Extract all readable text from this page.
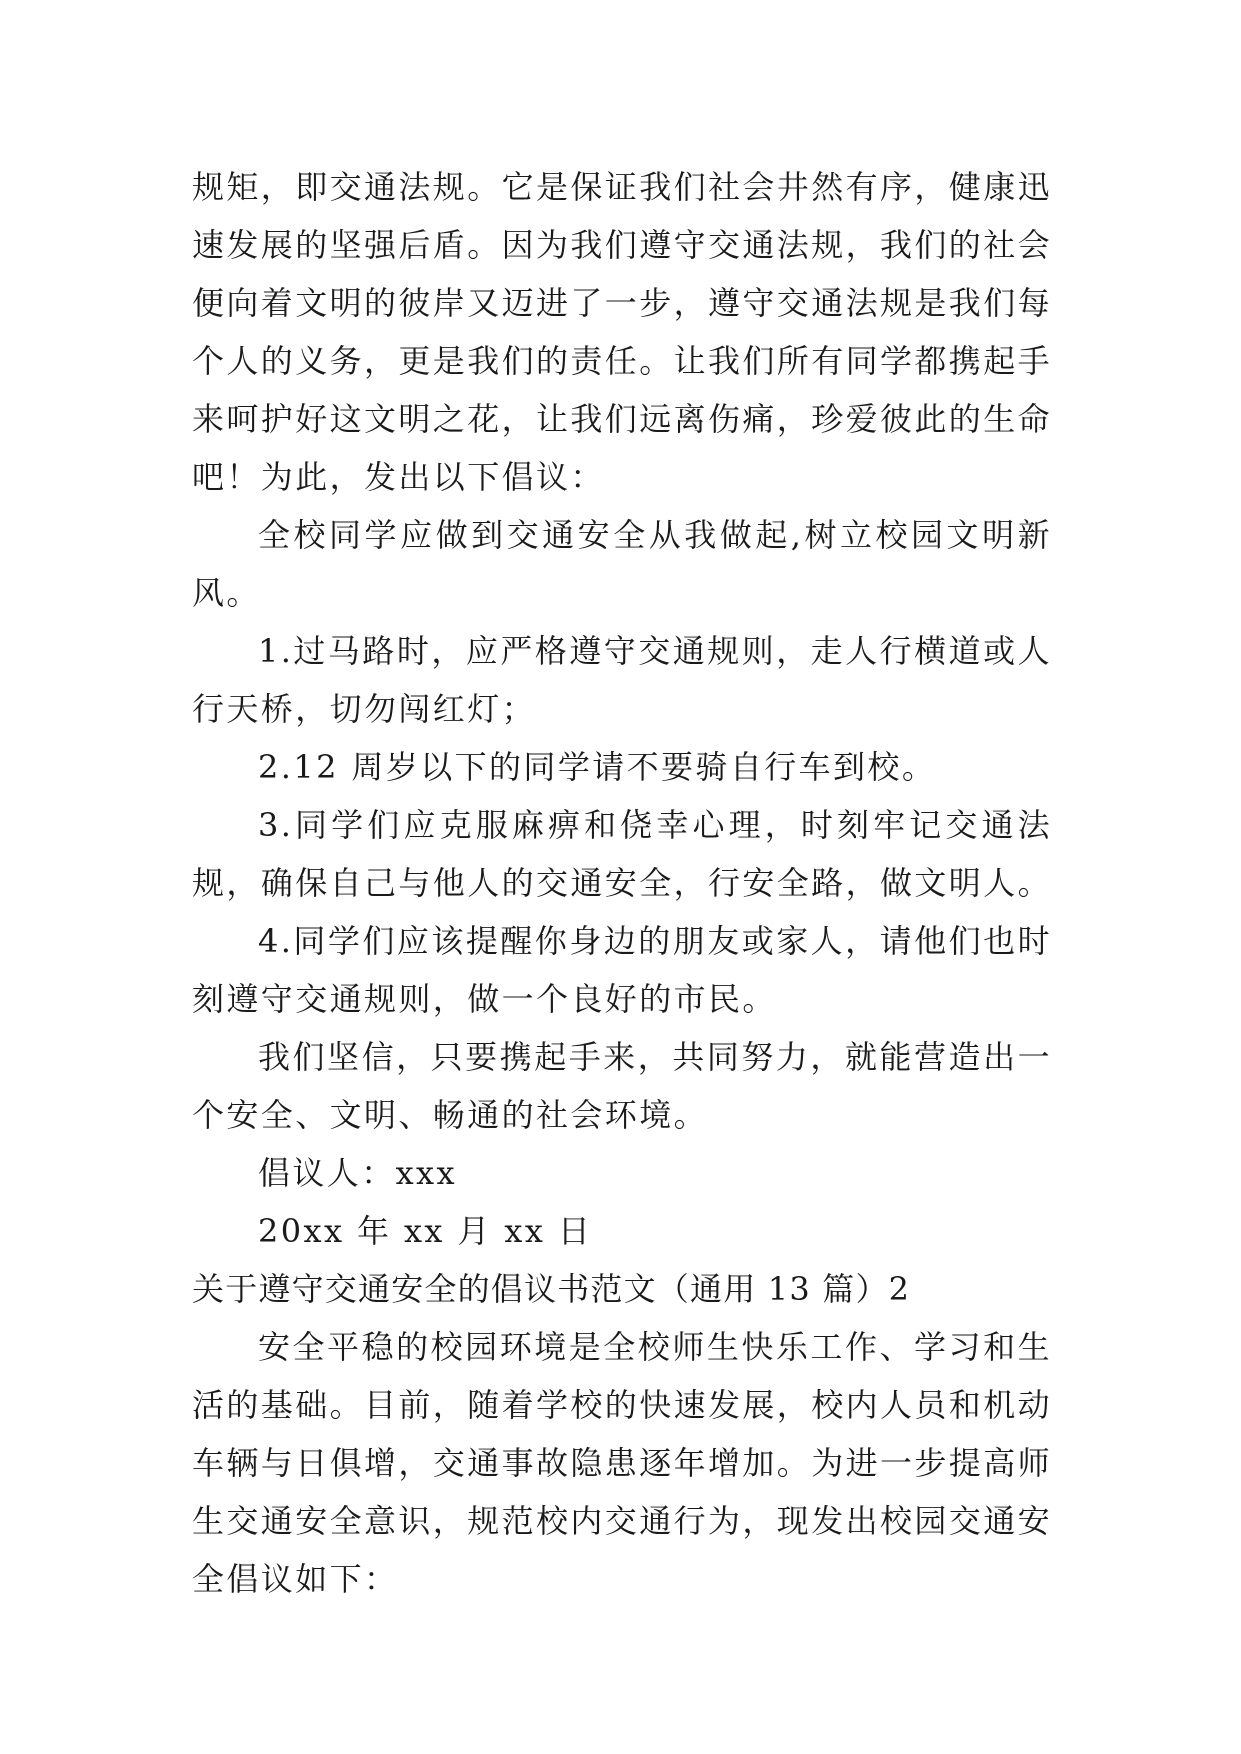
规矩，即交通法规。它是保证我们社会井然有序，健康迅速发展的坚强后盾。因为我们遵守交通法规，我们的社会便向着文明的彼岸又迈进了一步，遵守交通法规是我们每个人的义务，更是我们的责任。让我们所有同学都携起手来呵护好这文明之花，让我们远离伤痛，珍爱彼此的生命吧！为此，发出以下倡议：

全校同学应做到交通安全从我做起,树立校园文明新风。

1.过马路时，应严格遵守交通规则，走人行横道或人行天桥，切勿闯红灯；

2.12 周岁以下的同学请不要骑自行车到校。

3.同学们应克服麻痹和侥幸心理，时刻牢记交通法规，确保自己与他人的交通安全，行安全路，做文明人。

4.同学们应该提醒你身边的朋友或家人，请他们也时刻遵守交通规则，做一个良好的市民。

我们坚信，只要携起手来，共同努力，就能营造出一个安全、文明、畅通的社会环境。

倡议人：xxx

20xx 年 xx 月 xx 日

关于遵守交通安全的倡议书范文（通用 13 篇）2

安全平稳的校园环境是全校师生快乐工作、学习和生活的基础。目前，随着学校的快速发展，校内人员和机动车辆与日俱增，交通事故隐患逐年增加。为进一步提高师生交通安全意识，规范校内交通行为，现发出校园交通安全倡议如下：
